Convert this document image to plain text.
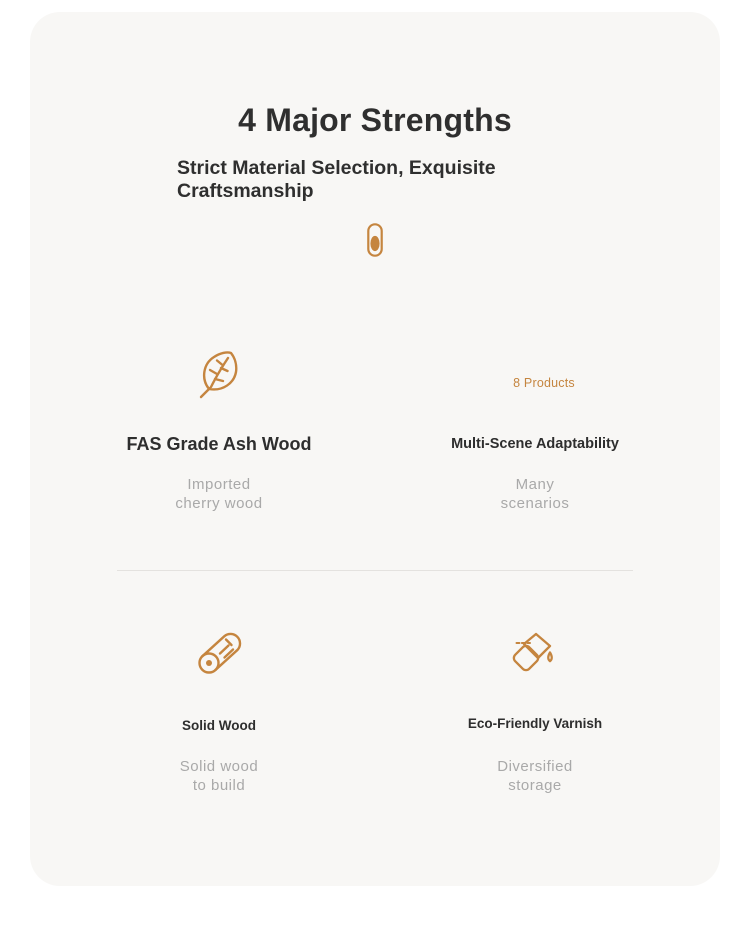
4 Major Strengths
Strict Material Selection, Exquisite
Craftsmanship
8 Products
FAS Grade Ash Wood	Multi-Scene Adaptability
Imported
cherry wood
Many
scenarios
Solid Wood	Eco-Friendly Varnish
Solid wood
to build
Diversified
storage
